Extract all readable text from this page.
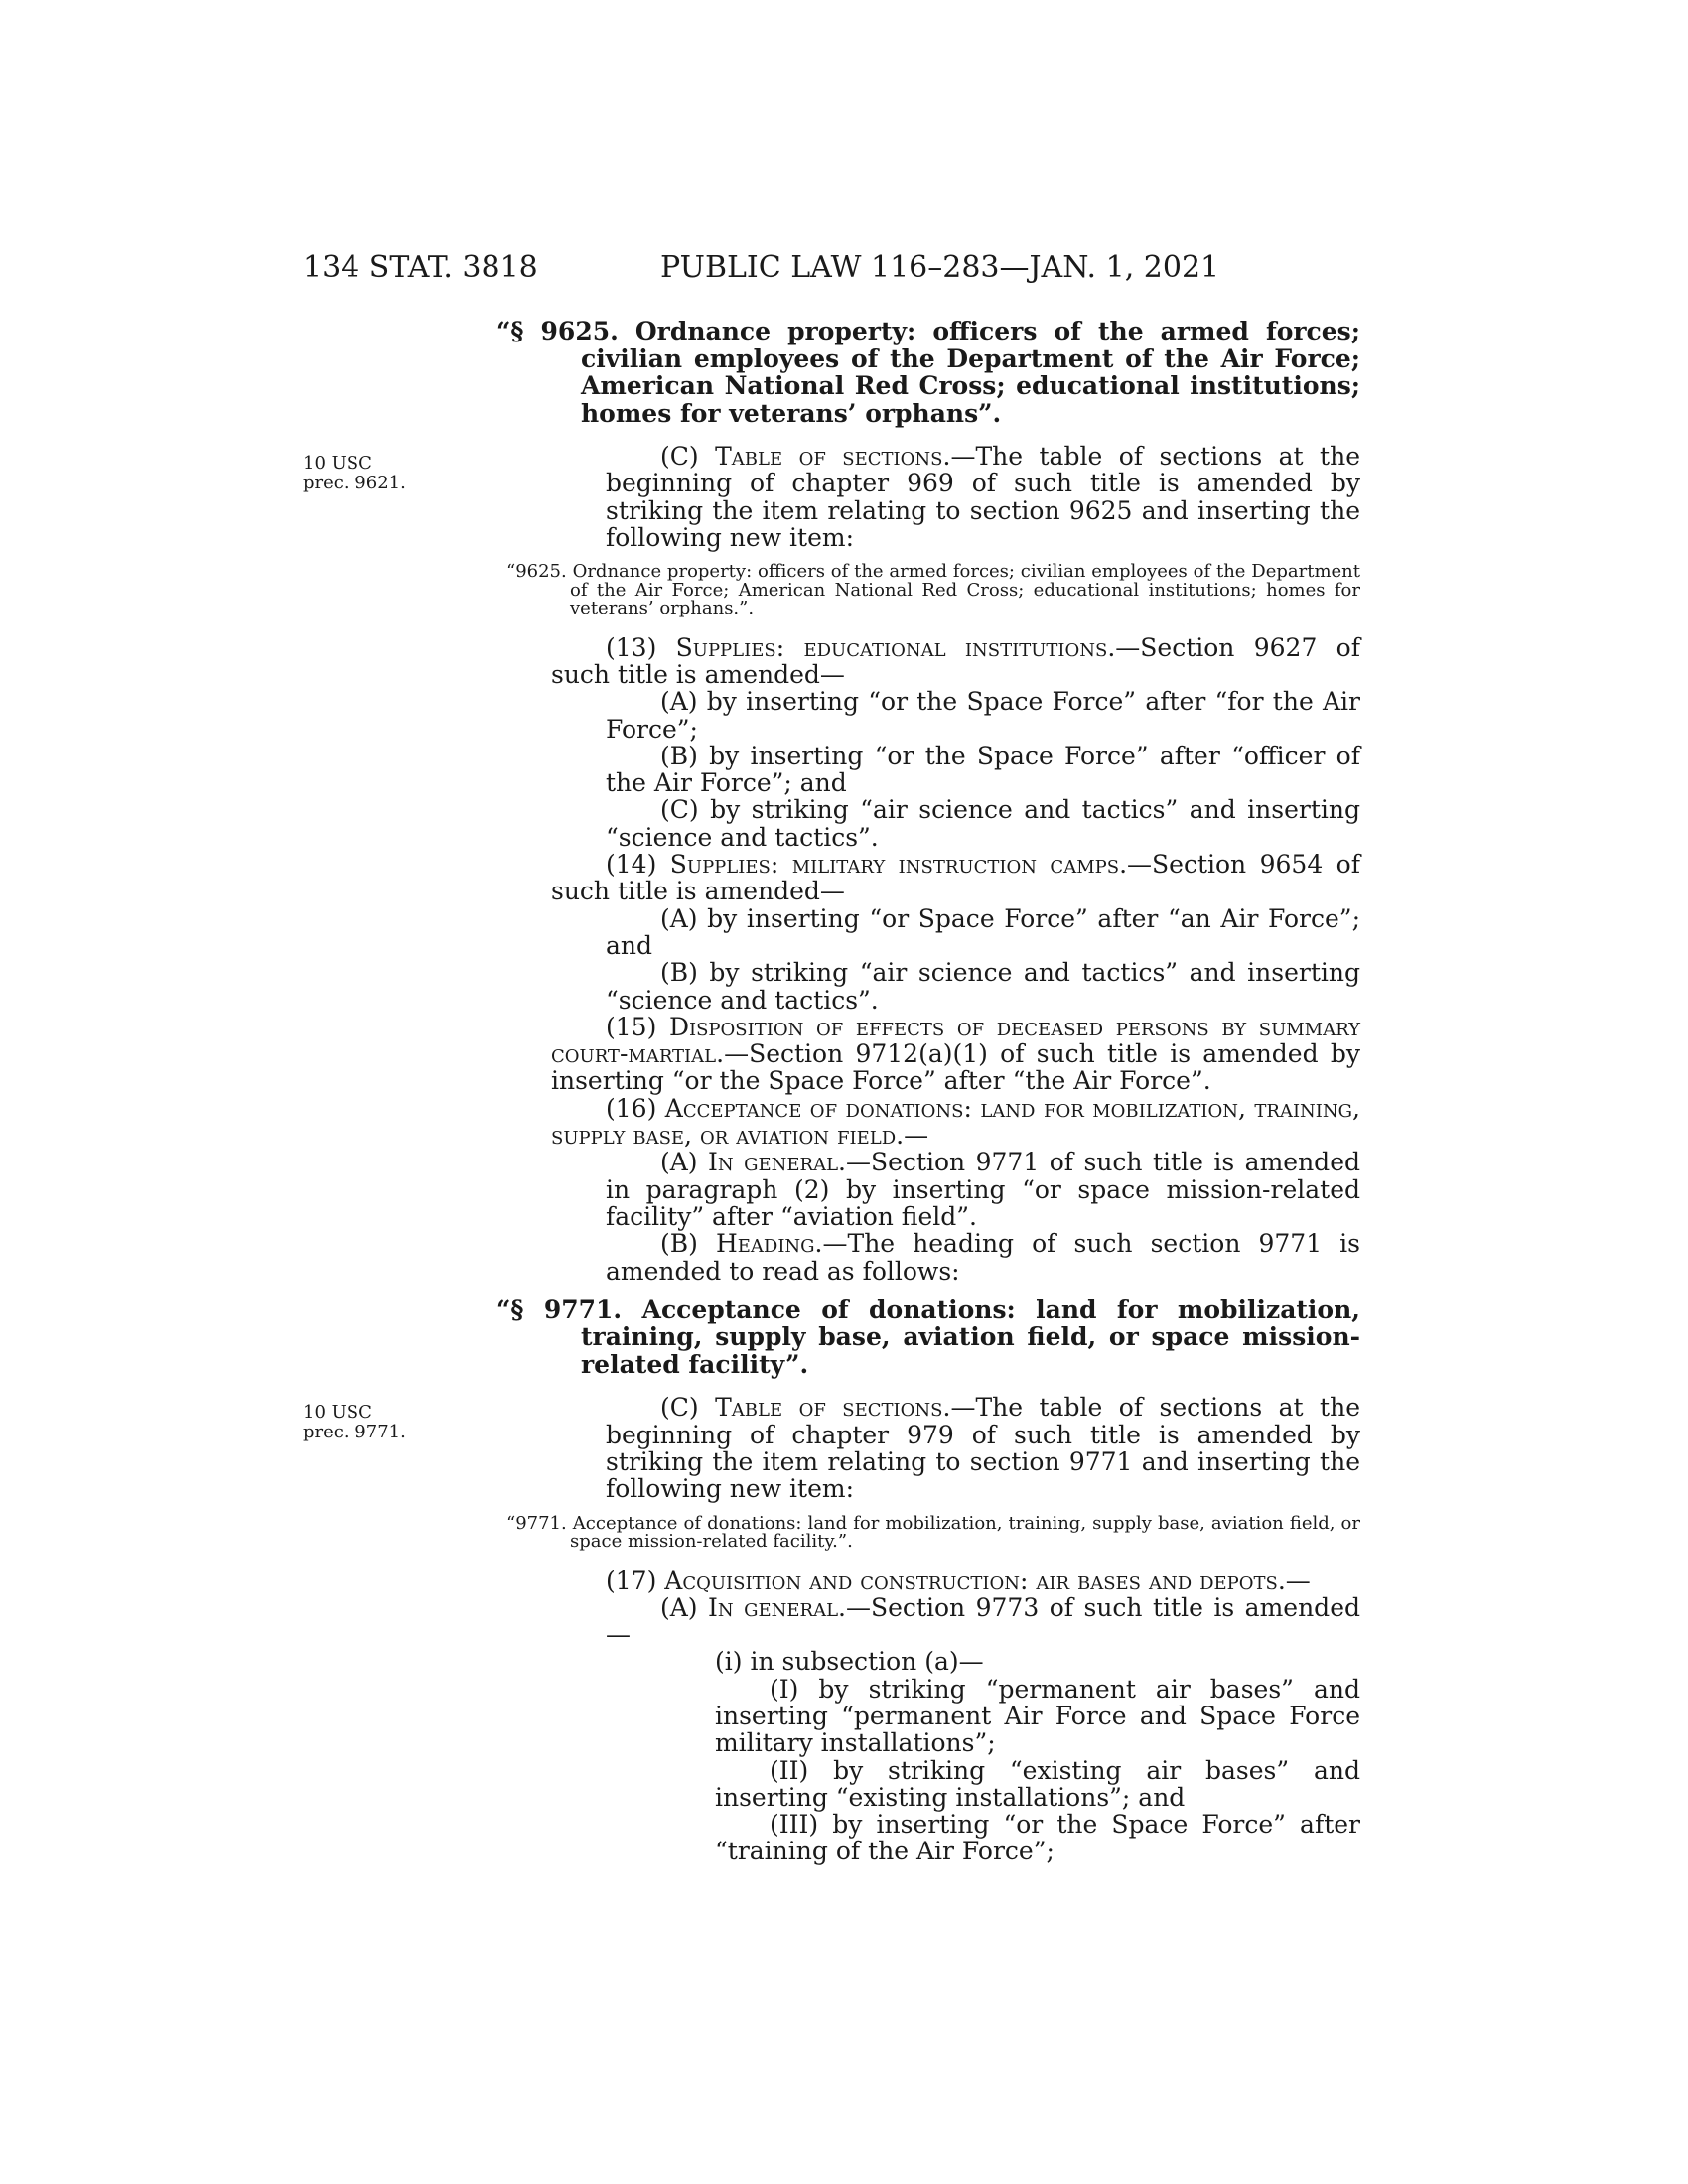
134 STAT. 3818	PUBLIC LAW 116–283—JAN. 1, 2021
10 USC
prec. 9621.
10 USC
prec. 9771.

“§ 9625. Ordnance property: officers of the armed forces; civilian employees of the Department of the Air Force; American National Red Cross; educational institutions; homes for veterans’ orphans”.

(C) Table of sections.—The table of sections at the beginning of chapter 969 of such title is amended by striking the item relating to section 9625 and inserting the following new item:

“9625. Ordnance property: officers of the armed forces; civilian employees of the Department of the Air Force; American National Red Cross; educational institutions; homes for veterans’ orphans.”.

(13) Supplies: educational institutions.—Section 9627 of such title is amended—

(A) by inserting “or the Space Force” after “for the Air Force”;

(B) by inserting “or the Space Force” after “officer of the Air Force”; and

(C) by striking “air science and tactics” and inserting “science and tactics”.

(14) Supplies: military instruction camps.—Section 9654 of such title is amended—

(A) by inserting “or Space Force” after “an Air Force”; and

(B) by striking “air science and tactics” and inserting “science and tactics”.

(15) Disposition of effects of deceased persons by summary court-martial.—Section 9712(a)(1) of such title is amended by inserting “or the Space Force” after “the Air Force”.

(16) Acceptance of donations: land for mobilization, training, supply base, or aviation field.—

(A) In general.—Section 9771 of such title is amended in paragraph (2) by inserting “or space mission-related facility” after “aviation field”.

(B) Heading.—The heading of such section 9771 is amended to read as follows:

“§ 9771. Acceptance of donations: land for mobilization, training, supply base, aviation field, or space mission-related facility”.

(C) Table of sections.—The table of sections at the beginning of chapter 979 of such title is amended by striking the item relating to section 9771 and inserting the following new item:

“9771. Acceptance of donations: land for mobilization, training, supply base, aviation field, or space mission-related facility.”.

(17) Acquisition and construction: air bases and depots.—

(A) In general.—Section 9773 of such title is amended—

(i) in subsection (a)—

(I) by striking “permanent air bases” and inserting “permanent Air Force and Space Force military installations”;

(II) by striking “existing air bases” and inserting “existing installations”; and

(III) by inserting “or the Space Force” after “training of the Air Force”;
